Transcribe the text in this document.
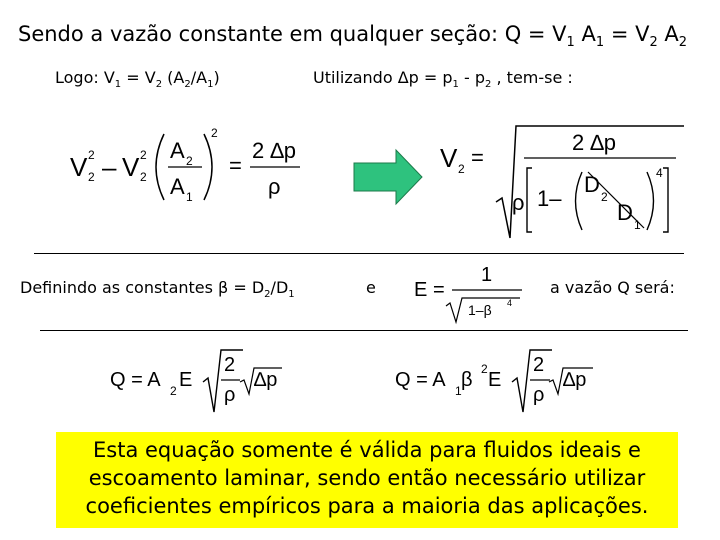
Sendo a vazão constante em qualquer seção: $Q = V_1$ $A_1 = V_2$ $A_2$
Logo: $V_1 = V_2$ $(A_2/A_1)$	Utilizando $\Delta p = p_1 - p_2$ , tem-se :
V 2
2 – V 2
2
A 2
A 1
2
=
2 ∆p
ρ
V 2 =
2 ∆p
ρ 1–
D 2
D 1
4
Definindo as constantes $\beta = D_2/D_1$	e E =
1
1–β 4
a vazão Q será:
Q = A 2 E
2
ρ
∆p	Q = A 1 β 2 E
2
ρ
∆p
Esta equação somente é válida para fluidos ideais e escoamento laminar, sendo então necessário utilizar coeficientes empíricos para a maioria das aplicações.
